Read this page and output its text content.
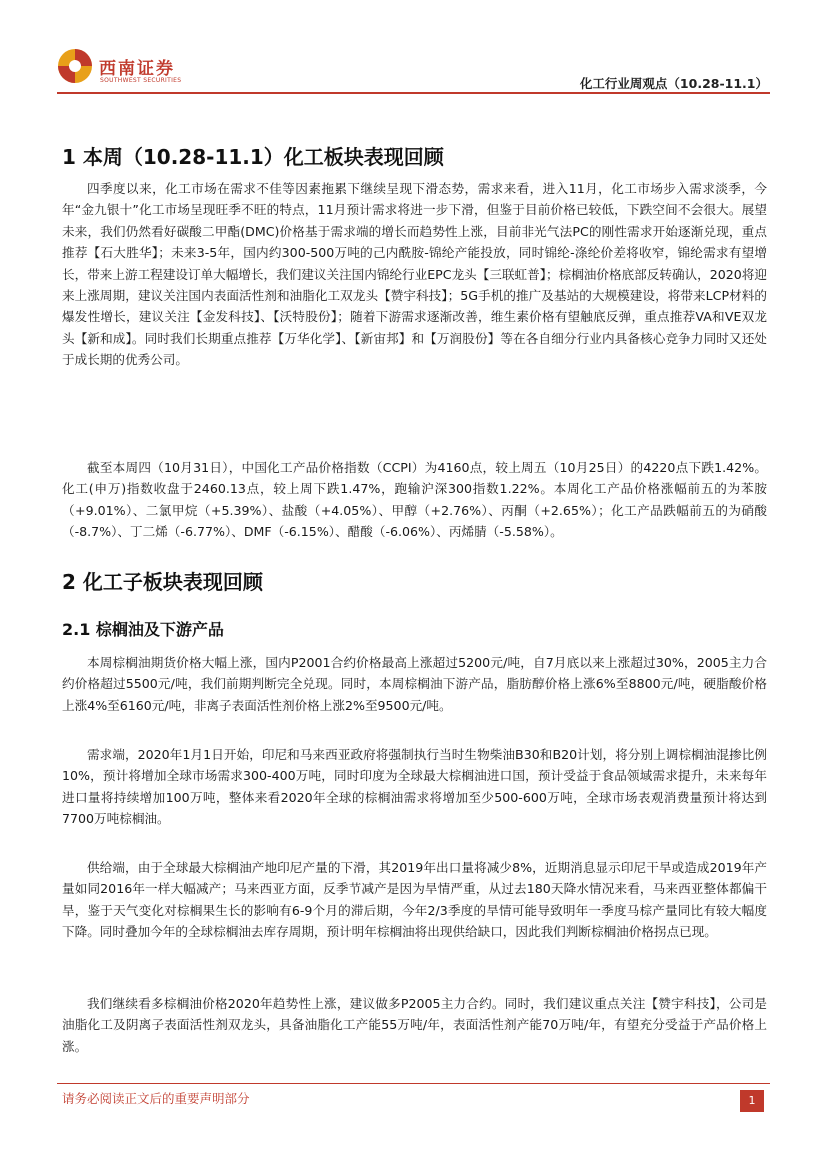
西南证券
SOUTHWEST SECURITIES	化工行业周观点（10.28-11.1）
1 本周（10.28-11.1）化工板块表现回顾

四季度以来，化工市场在需求不佳等因素拖累下继续呈现下滑态势，需求来看，进入11月，化工市场步入需求淡季，今年“金九银十”化工市场呈现旺季不旺的特点，11月预计需求将进一步下滑，但鉴于目前价格已较低，下跌空间不会很大。展望未来，我们仍然看好碳酸二甲酯(DMC)价格基于需求端的增长而趋势性上涨，目前非光气法PC的刚性需求开始逐渐兑现，重点推荐【石大胜华】；未来3-5年，国内约300-500万吨的己内酰胺-锦纶产能投放，同时锦纶-涤纶价差将收窄，锦纶需求有望增长，带来上游工程建设订单大幅增长，我们建议关注国内锦纶行业EPC龙头【三联虹普】；棕榈油价格底部反转确认，2020将迎来上涨周期，建议关注国内表面活性剂和油脂化工双龙头【赞宇科技】；5G手机的推广及基站的大规模建设，将带来LCP材料的爆发性增长，建议关注【金发科技】、【沃特股份】；随着下游需求逐渐改善，维生素价格有望触底反弹，重点推荐VA和VE双龙头【新和成】。同时我们长期重点推荐【万华化学】、【新宙邦】和【万润股份】等在各自细分行业内具备核心竞争力同时又还处于成长期的优秀公司。

截至本周四（10月31日），中国化工产品价格指数（CCPI）为4160点，较上周五（10月25日）的4220点下跌1.42%。化工(申万)指数收盘于2460.13点，较上周下跌1.47%，跑输沪深300指数1.22%。本周化工产品价格涨幅前五的为苯胺（+9.01%）、二氯甲烷（+5.39%）、盐酸（+4.05%）、甲醇（+2.76%）、丙酮（+2.65%）；化工产品跌幅前五的为硝酸（-8.7%）、丁二烯（-6.77%）、DMF（-6.15%）、醋酸（-6.06%）、丙烯腈（-5.58%）。

2 化工子板块表现回顾
2.1 棕榈油及下游产品

本周棕榈油期货价格大幅上涨，国内P2001合约价格最高上涨超过5200元/吨，自7月底以来上涨超过30%，2005主力合约价格超过5500元/吨，我们前期判断完全兑现。同时，本周棕榈油下游产品，脂肪醇价格上涨6%至8800元/吨，硬脂酸价格上涨4%至6160元/吨，非离子表面活性剂价格上涨2%至9500元/吨。

需求端，2020年1月1日开始，印尼和马来西亚政府将强制执行当时生物柴油B30和B20计划，将分别上调棕榈油混掺比例10%，预计将增加全球市场需求300-400万吨，同时印度为全球最大棕榈油进口国，预计受益于食品领域需求提升，未来每年进口量将持续增加100万吨，整体来看2020年全球的棕榈油需求将增加至少500-600万吨，全球市场表观消费量预计将达到7700万吨棕榈油。

供给端，由于全球最大棕榈油产地印尼产量的下滑，其2019年出口量将减少8%，近期消息显示印尼干旱或造成2019年产量如同2016年一样大幅减产；马来西亚方面，反季节减产是因为旱情严重，从过去180天降水情况来看，马来西亚整体都偏干旱，鉴于天气变化对棕榈果生长的影响有6-9个月的滞后期，今年2/3季度的旱情可能导致明年一季度马棕产量同比有较大幅度下降。同时叠加今年的全球棕榈油去库存周期，预计明年棕榈油将出现供给缺口，因此我们判断棕榈油价格拐点已现。

我们继续看多棕榈油价格2020年趋势性上涨，建议做多P2005主力合约。同时，我们建议重点关注【赞宇科技】，公司是油脂化工及阴离子表面活性剂双龙头，具备油脂化工产能55万吨/年，表面活性剂产能70万吨/年，有望充分受益于产品价格上涨。

请务必阅读正文后的重要声明部分	1
